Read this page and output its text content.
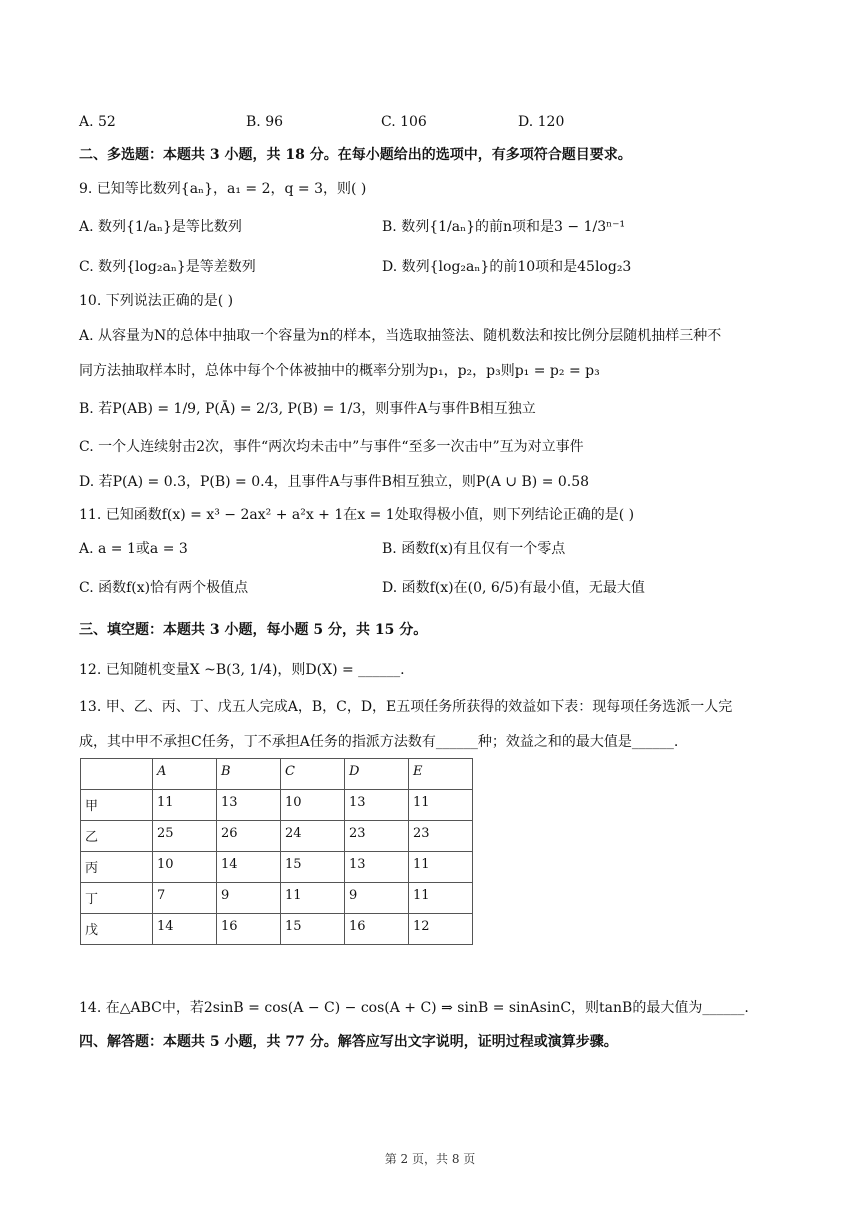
A. 52	B. 96	C. 106	D. 120
二、多选题：本题共 3 小题，共 18 分。在每小题给出的选项中，有多项符合题目要求。
9. 已知等比数列{aₙ}，a₁ = 2，q = 3，则( )
A. 数列{1/aₙ}是等比数列	B. 数列{1/aₙ}的前n项和是3 − 1/3ⁿ⁻¹
C. 数列{log₂aₙ}是等差数列	D. 数列{log₂aₙ}的前10项和是45log₂3
10. 下列说法正确的是( )
A. 从容量为N的总体中抽取一个容量为n的样本，当选取抽签法、随机数法和按比例分层随机抽样三种不
同方法抽取样本时，总体中每个个体被抽中的概率分别为p₁，p₂，p₃则p₁ = p₂ = p₃
B. 若P(AB) = 1/9, P(Ā) = 2/3, P(B) = 1/3，则事件A与事件B相互独立
C. 一个人连续射击2次，事件“两次均未击中”与事件“至多一次击中”互为对立事件
D. 若P(A) = 0.3，P(B) = 0.4，且事件A与事件B相互独立，则P(A ∪ B) = 0.58
11. 已知函数f(x) = x³ − 2ax² + a²x + 1在x = 1处取得极小值，则下列结论正确的是( )
A. a = 1或a = 3	B. 函数f(x)有且仅有一个零点
C. 函数f(x)恰有两个极值点	D. 函数f(x)在(0, 6/5)有最小值，无最大值
三、填空题：本题共 3 小题，每小题 5 分，共 15 分。
12. 已知随机变量X ~B(3, 1/4)，则D(X) = ______.
13. 甲、乙、丙、丁、戊五人完成A，B，C，D，E五项任务所获得的效益如下表：现每项任务选派一人完
成，其中甲不承担C任务，丁不承担A任务的指派方法数有______种；效益之和的最大值是______.
	A	B	C	D	E
甲	11	13	10	13	11
乙	25	26	24	23	23
丙	10	14	15	13	11
丁	7	9	11	9	11
戊	14	16	15	16	12
14. 在△ABC中，若2sinB = cos(A − C) − cos(A + C) ⇒ sinB = sinAsinC，则tanB的最大值为______.
四、解答题：本题共 5 小题，共 77 分。解答应写出文字说明，证明过程或演算步骤。
第 2 页，共 8 页
